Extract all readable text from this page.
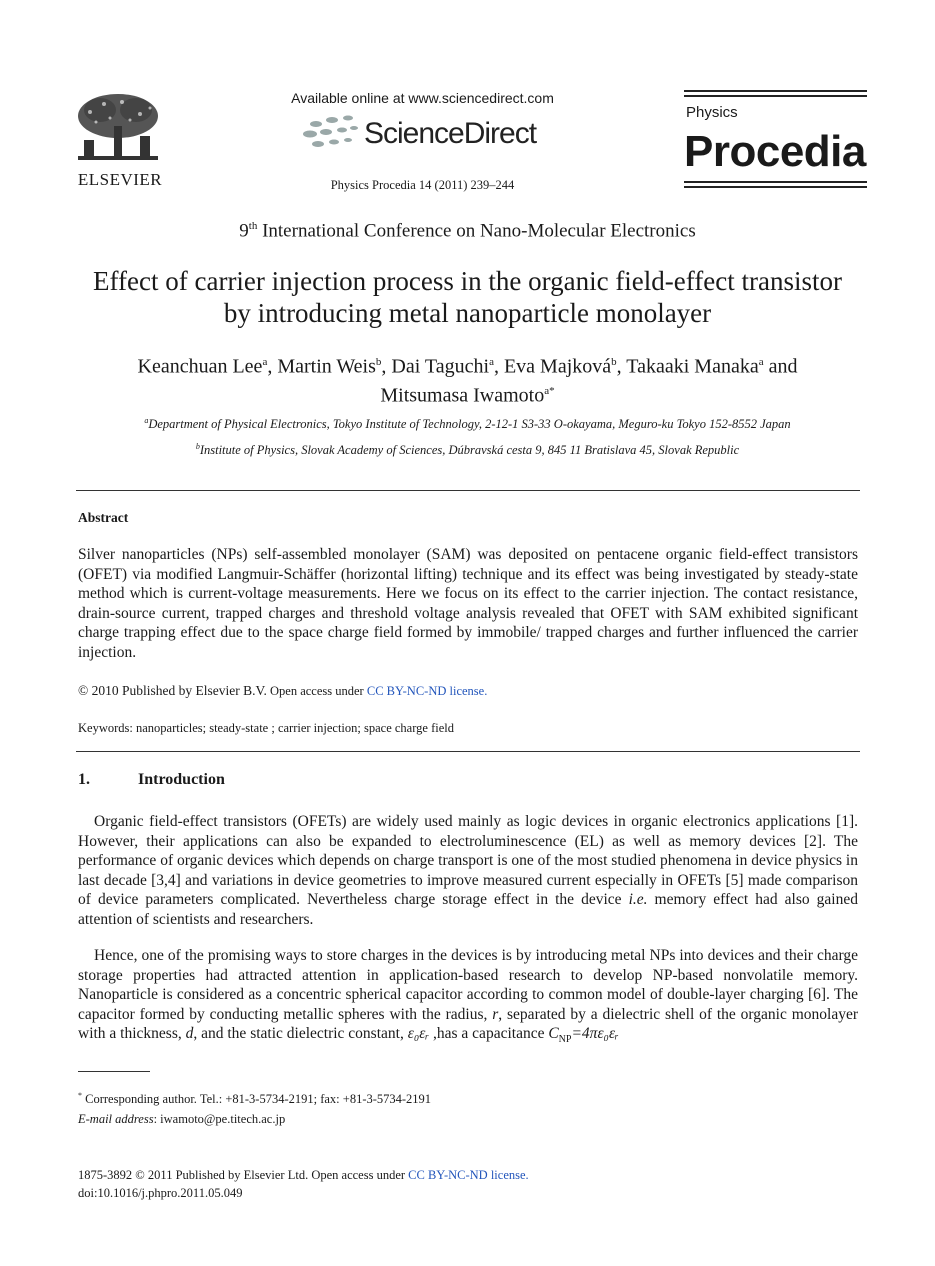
ELSEVIER
Available online at www.sciencedirect.com
ScienceDirect
Physics Procedia 14 (2011) 239–244
Physics
Procedia
9th International Conference on Nano-Molecular Electronics
Effect of carrier injection process in the organic field-effect transistor by introducing metal nanoparticle monolayer
Keanchuan Lee$^a$, Martin Weis$^b$, Dai Taguchi$^a$, Eva Majková$^b$, Takaaki Manaka$^a$ and
Mitsumasa Iwamoto$^{a*}$
$^a$Department of Physical Electronics, Tokyo Institute of Technology, 2-12-1 S3-33 O-okayama, Meguro-ku Tokyo 152-8552 Japan
$^b$Institute of Physics, Slovak Academy of Sciences, Dúbravská cesta 9, 845 11 Bratislava 45, Slovak Republic
Abstract
Silver nanoparticles (NPs) self-assembled monolayer (SAM) was deposited on pentacene organic field-effect transistors (OFET) via modified Langmuir-Schäffer (horizontal lifting) technique and its effect was being investigated by steady-state method which is current-voltage measurements. Here we focus on its effect to the carrier injection. The contact resistance, drain-source current, trapped charges and threshold voltage analysis revealed that OFET with SAM exhibited significant charge trapping effect due to the space charge field formed by immobile/ trapped charges and further influenced the carrier injection.
© 2010 Published by Elsevier B.V. Open access under CC BY-NC-ND license.
Keywords: nanoparticles; steady-state ; carrier injection; space charge field
1.	Introduction
Organic field-effect transistors (OFETs) are widely used mainly as logic devices in organic electronics applications [1]. However, their applications can also be expanded to electroluminescence (EL) as well as memory devices [2]. The performance of organic devices which depends on charge transport is one of the most studied phenomena in device physics in last decade [3,4] and variations in device geometries to improve measured current especially in OFETs [5] made comparison of device parameters complicated. Nevertheless charge storage effect in the device i.e. memory effect had also gained attention of scientists and researchers.
Hence, one of the promising ways to store charges in the devices is by introducing metal NPs into devices and their charge storage properties had attracted attention in application-based research to develop NP-based nonvolatile memory. Nanoparticle is considered as a concentric spherical capacitor according to common model of double-layer charging [6]. The capacitor formed by conducting metallic spheres with the radius, r, separated by a dielectric shell of the organic monolayer with a thickness, d, and the static dielectric constant, ε₀εᵣ ,has a capacitance $C_{NP}=4\pi\varepsilon_0\varepsilon ᵣ$
* Corresponding author. Tel.: +81-3-5734-2191; fax: +81-3-5734-2191
E-mail address: iwamoto@pe.titech.ac.jp
1875-3892 © 2011 Published by Elsevier Ltd. Open access under CC BY-NC-ND license.
doi:10.1016/j.phpro.2011.05.049
